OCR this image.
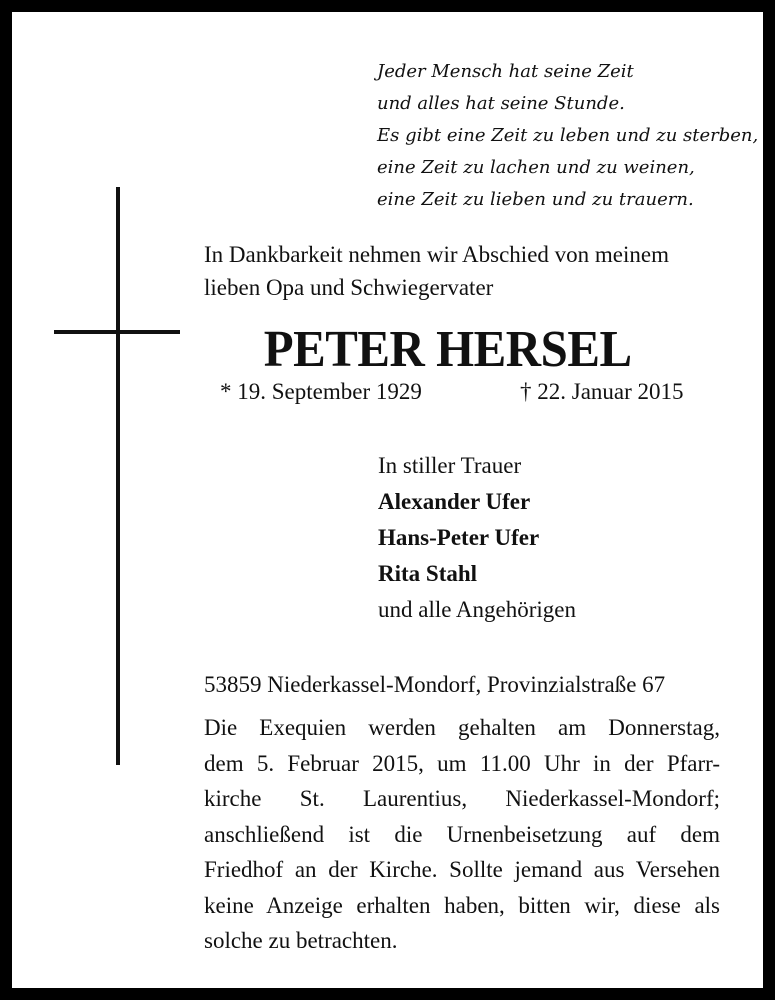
Jeder Mensch hat seine Zeit
und alles hat seine Stunde.
Es gibt eine Zeit zu leben und zu sterben,
eine Zeit zu lachen und zu weinen,
eine Zeit zu lieben und zu trauern.
In Dankbarkeit nehmen wir Abschied von meinem
lieben Opa und Schwiegervater
PETER HERSEL
* 19. September 1929	† 22. Januar 2015
In stiller Trauer
Alexander Ufer
Hans-Peter Ufer
Rita Stahl
und alle Angehörigen
53859 Niederkassel-Mondorf, Provinzialstraße 67
Die Exequien werden gehalten am Donnerstag,
dem 5. Februar 2015, um 11.00 Uhr in der Pfarr-
kirche St. Laurentius, Niederkassel-Mondorf;
anschließend ist die Urnenbeisetzung auf dem
Friedhof an der Kirche. Sollte jemand aus Versehen
keine Anzeige erhalten haben, bitten wir, diese als
solche zu betrachten.
